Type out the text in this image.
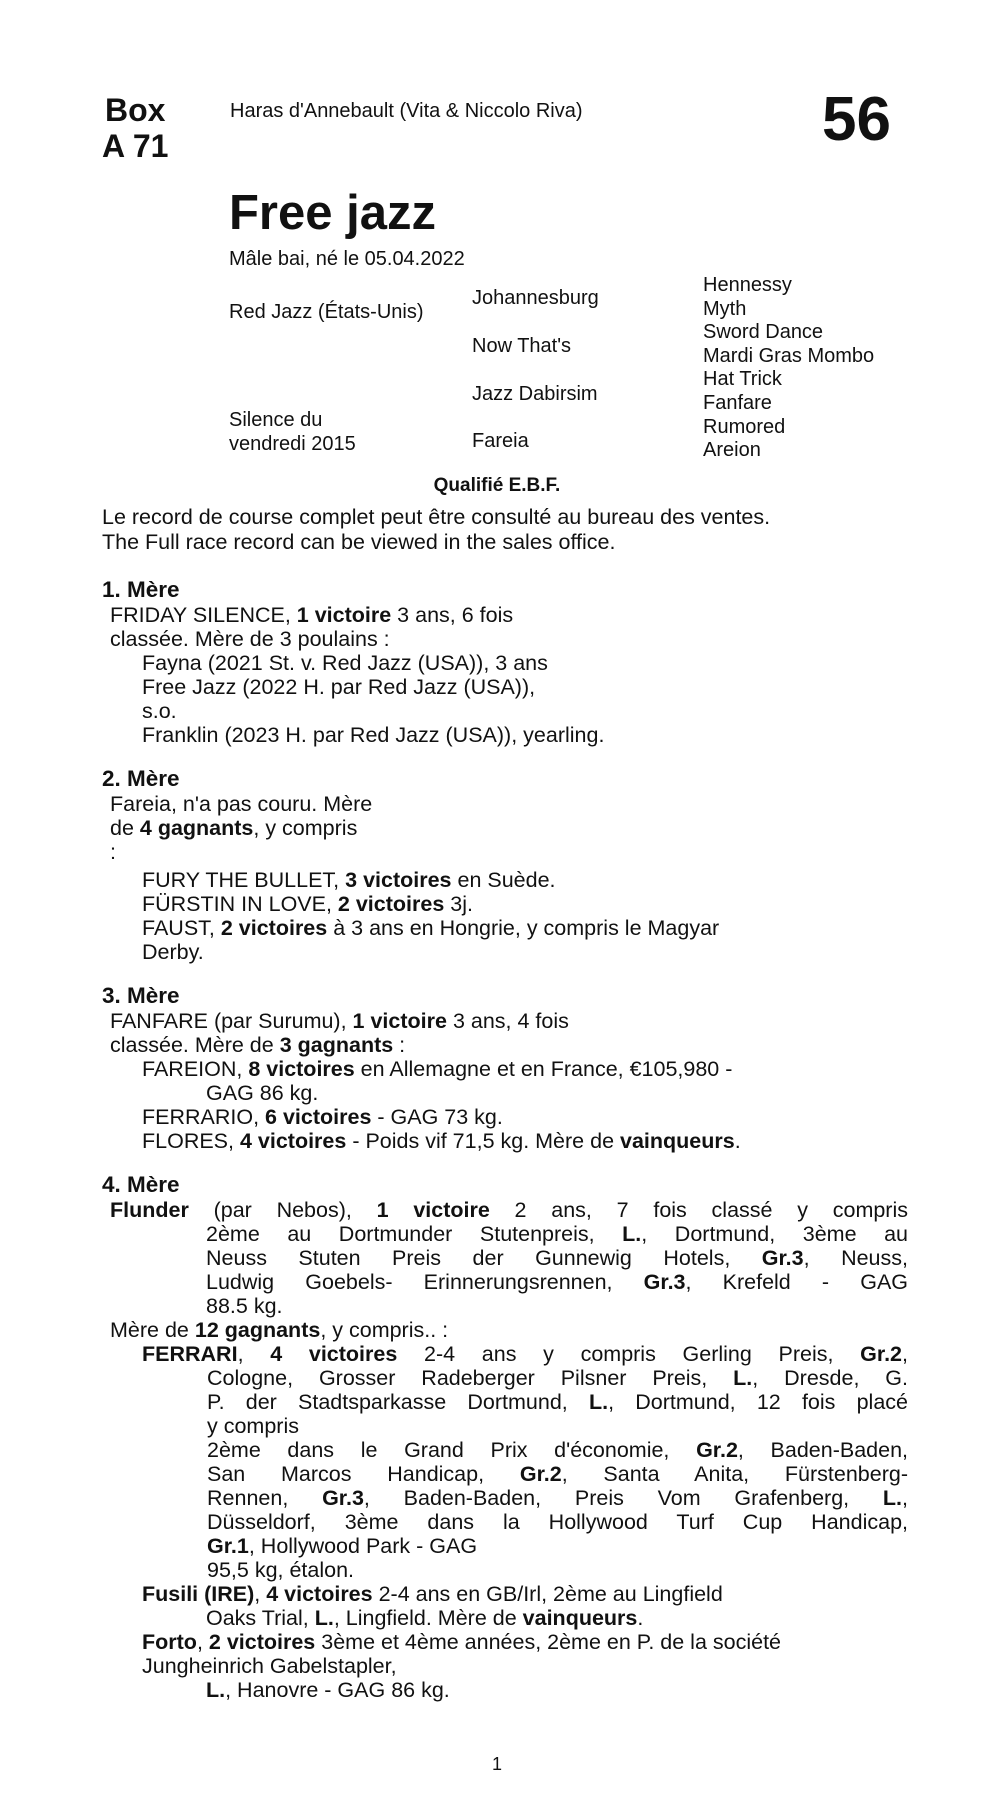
Box
A 71
Haras d'Annebault (Vita & Niccolo Riva)	56
Free jazz
Mâle bai, né le 05.04.2022
Red Jazz (États-Unis)
Silence du
vendredi 2015
Johannesburg
Now That's
Jazz Dabirsim
Fareia
Hennessy
Myth
Sword Dance
Mardi Gras Mombo
Hat Trick
Fanfare
Rumored
Areion
Qualifié E.B.F.
Le record de course complet peut être consulté au bureau des ventes.
The Full race record can be viewed in the sales office.
1. Mère
FRIDAY SILENCE, 1 victoire 3 ans, 6 fois
classée. Mère de 3 poulains :
Fayna (2021 St. v. Red Jazz (USA)), 3 ans
Free Jazz (2022 H. par Red Jazz (USA)),
s.o.
Franklin (2023 H. par Red Jazz (USA)), yearling.
2. Mère
Fareia, n'a pas couru. Mère
de 4 gagnants, y compris
:
FURY THE BULLET, 3 victoires en Suède.
FÜRSTIN IN LOVE, 2 victoires 3j.
FAUST, 2 victoires à 3 ans en Hongrie, y compris le Magyar
Derby.
3. Mère
FANFARE (par Surumu), 1 victoire 3 ans, 4 fois
classée. Mère de 3 gagnants :
FAREION, 8 victoires en Allemagne et en France, €105,980 -
GAG 86 kg.
FERRARIO, 6 victoires - GAG 73 kg.
FLORES, 4 victoires - Poids vif 71,5 kg. Mère de vainqueurs.
4. Mère
Flunder (par Nebos), 1 victoire 2 ans, 7 fois classé y compris
2ème au Dortmunder Stutenpreis, L., Dortmund, 3ème au
Neuss Stuten Preis der Gunnewig Hotels, Gr.3, Neuss,
Ludwig Goebels- Erinnerungsrennen, Gr.3, Krefeld - GAG
88.5 kg.
Mère de 12 gagnants, y compris.. :
FERRARI, 4 victoires 2-4 ans y compris Gerling Preis, Gr.2,
Cologne, Grosser Radeberger Pilsner Preis, L., Dresde, G.
P. der Stadtsparkasse Dortmund, L., Dortmund, 12 fois placé
y compris
2ème dans le Grand Prix d'économie, Gr.2, Baden-Baden,
San Marcos Handicap, Gr.2, Santa Anita, Fürstenberg-
Rennen, Gr.3, Baden-Baden, Preis Vom Grafenberg, L.,
Düsseldorf, 3ème dans la Hollywood Turf Cup Handicap,
Gr.1, Hollywood Park - GAG
95,5 kg, étalon.
Fusili (IRE), 4 victoires 2-4 ans en GB/Irl, 2ème au Lingfield
Oaks Trial, L., Lingfield. Mère de vainqueurs.
Forto, 2 victoires 3ème et 4ème années, 2ème en P. de la société
Jungheinrich Gabelstapler,
L., Hanovre - GAG 86 kg.
1
